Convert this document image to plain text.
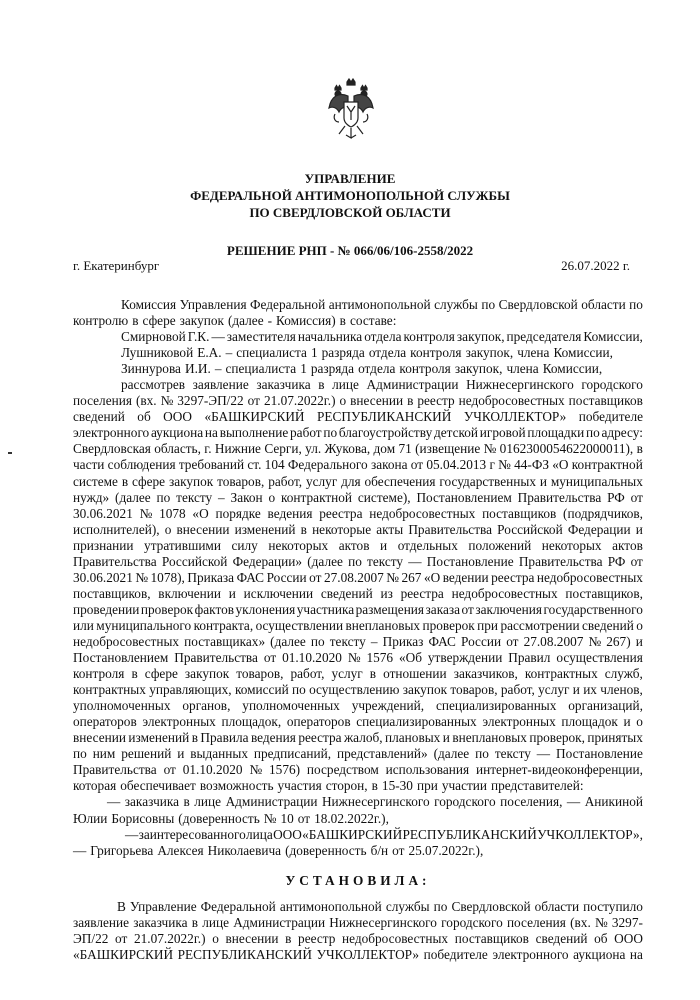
УПРАВЛЕНИЕ
ФЕДЕРАЛЬНОЙ АНТИМОНОПОЛЬНОЙ СЛУЖБЫ
ПО СВЕРДЛОВСКОЙ ОБЛАСТИ
РЕШЕНИЕ РНП - № 066/06/106-2558/2022
г. Екатеринбург	26.07.2022 г.
Комиссия Управления Федеральной антимонопольной службы по Свердловской области по
контролю в сфере закупок (далее - Комиссия) в составе:
Смирновой Г.К. — заместителя начальника отдела контроля закупок, председателя Комиссии,
Лушниковой Е.А. – специалиста 1 разряда отдела контроля закупок, члена Комиссии,
Зиннурова И.И. – специалиста 1 разряда отдела контроля закупок, члена Комиссии,
рассмотрев заявление заказчика в лице Администрации Нижнесергинского городского
поселения (вх. № 3297-ЭП/22 от 21.07.2022г.) о внесении в реестр недобросовестных поставщиков
сведений об ООО «БАШКИРСКИЙ РЕСПУБЛИКАНСКИЙ УЧКОЛЛЕКТОР» победителе
электронного аукциона на выполнение работ по благоустройству детской игровой площадки по адресу:
Свердловская область, г. Нижние Серги, ул. Жукова, дом 71 (извещение № 0162300054622000011), в
части соблюдения требований ст. 104 Федерального закона от 05.04.2013 г № 44-ФЗ «О контрактной
системе в сфере закупок товаров, работ, услуг для обеспечения государственных и муниципальных
нужд» (далее по тексту – Закон о контрактной системе), Постановлением Правительства РФ от
30.06.2021 № 1078 «О порядке ведения реестра недобросовестных поставщиков (подрядчиков,
исполнителей), о внесении изменений в некоторые акты Правительства Российской Федерации и
признании утратившими силу некоторых актов и отдельных положений некоторых актов
Правительства Российской Федерации» (далее по тексту — Постановление Правительства РФ от
30.06.2021 № 1078), Приказа ФАС России от 27.08.2007 № 267 «О ведении реестра недобросовестных
поставщиков, включении и исключении сведений из реестра недобросовестных поставщиков,
проведении проверок фактов уклонения участника размещения заказа от заключения государственного
или муниципального контракта, осуществлении внеплановых проверок при рассмотрении сведений о
недобросовестных поставщиках» (далее по тексту – Приказ ФАС России от 27.08.2007 № 267) и
Постановлением Правительства от 01.10.2020 № 1576 «Об утверждении Правил осуществления
контроля в сфере закупок товаров, работ, услуг в отношении заказчиков, контрактных служб,
контрактных управляющих, комиссий по осуществлению закупок товаров, работ, услуг и их членов,
уполномоченных органов, уполномоченных учреждений, специализированных организаций,
операторов электронных площадок, операторов специализированных электронных площадок и о
внесении изменений в Правила ведения реестра жалоб, плановых и внеплановых проверок, принятых
по ним решений и выданных предписаний, представлений» (далее по тексту — Постановление
Правительства от 01.10.2020 № 1576) посредством использования интернет-видеоконференции,
которая обеспечивает возможность участия сторон, в 15-30 при участии представителей:
— заказчика в лице Администрации Нижнесергинского городского поселения, — Аникиной
Юлии Борисовны (доверенность № 10 от 18.02.2022г.),
— заинтересованного лица ООО «БАШКИРСКИЙ РЕСПУБЛИКАНСКИЙ УЧКОЛЛЕКТОР»,
— Григорьева Алексея Николаевича (доверенность б/н от 25.07.2022г.),
УСТАНОВИЛА:
В Управление Федеральной антимонопольной службы по Свердловской области поступило
заявление заказчика в лице Администрации Нижнесергинского городского поселения (вх. № 3297-
ЭП/22 от 21.07.2022г.) о внесении в реестр недобросовестных поставщиков сведений об ООО
«БАШКИРСКИЙ РЕСПУБЛИКАНСКИЙ УЧКОЛЛЕКТОР» победителе электронного аукциона на
